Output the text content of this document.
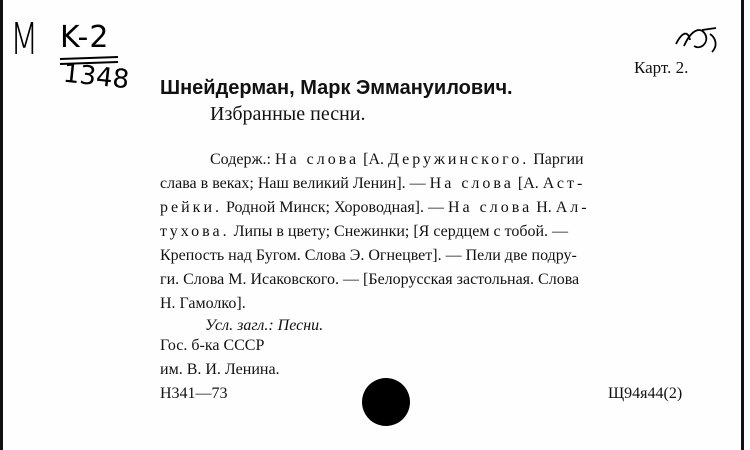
M K-2
1348	Карт. 2.
Шнейдерман, Марк Эммануилович.
Избранные песни.
Содерж.: На слова [А. Деружинского. Паргии
слава в веках; Наш великий Ленин]. — На слова [А. Аст-
рейки. Родной Минск; Хороводная]. — На слова Н. Ал-
тухова. Липы в цвету; Снежинки; [Я сердцем с тобой. —
Крепость над Бугом. Слова Э. Огнецвет]. — Пели две подру-
ги. Слова М. Исаковского. — [Белорусская застольная. Слова
Н. Гамолко].
Усл. загл.: Песни.
Гос. б-ка СССР
им. В. И. Ленина.
Н341—73	Щ94я44(2)
